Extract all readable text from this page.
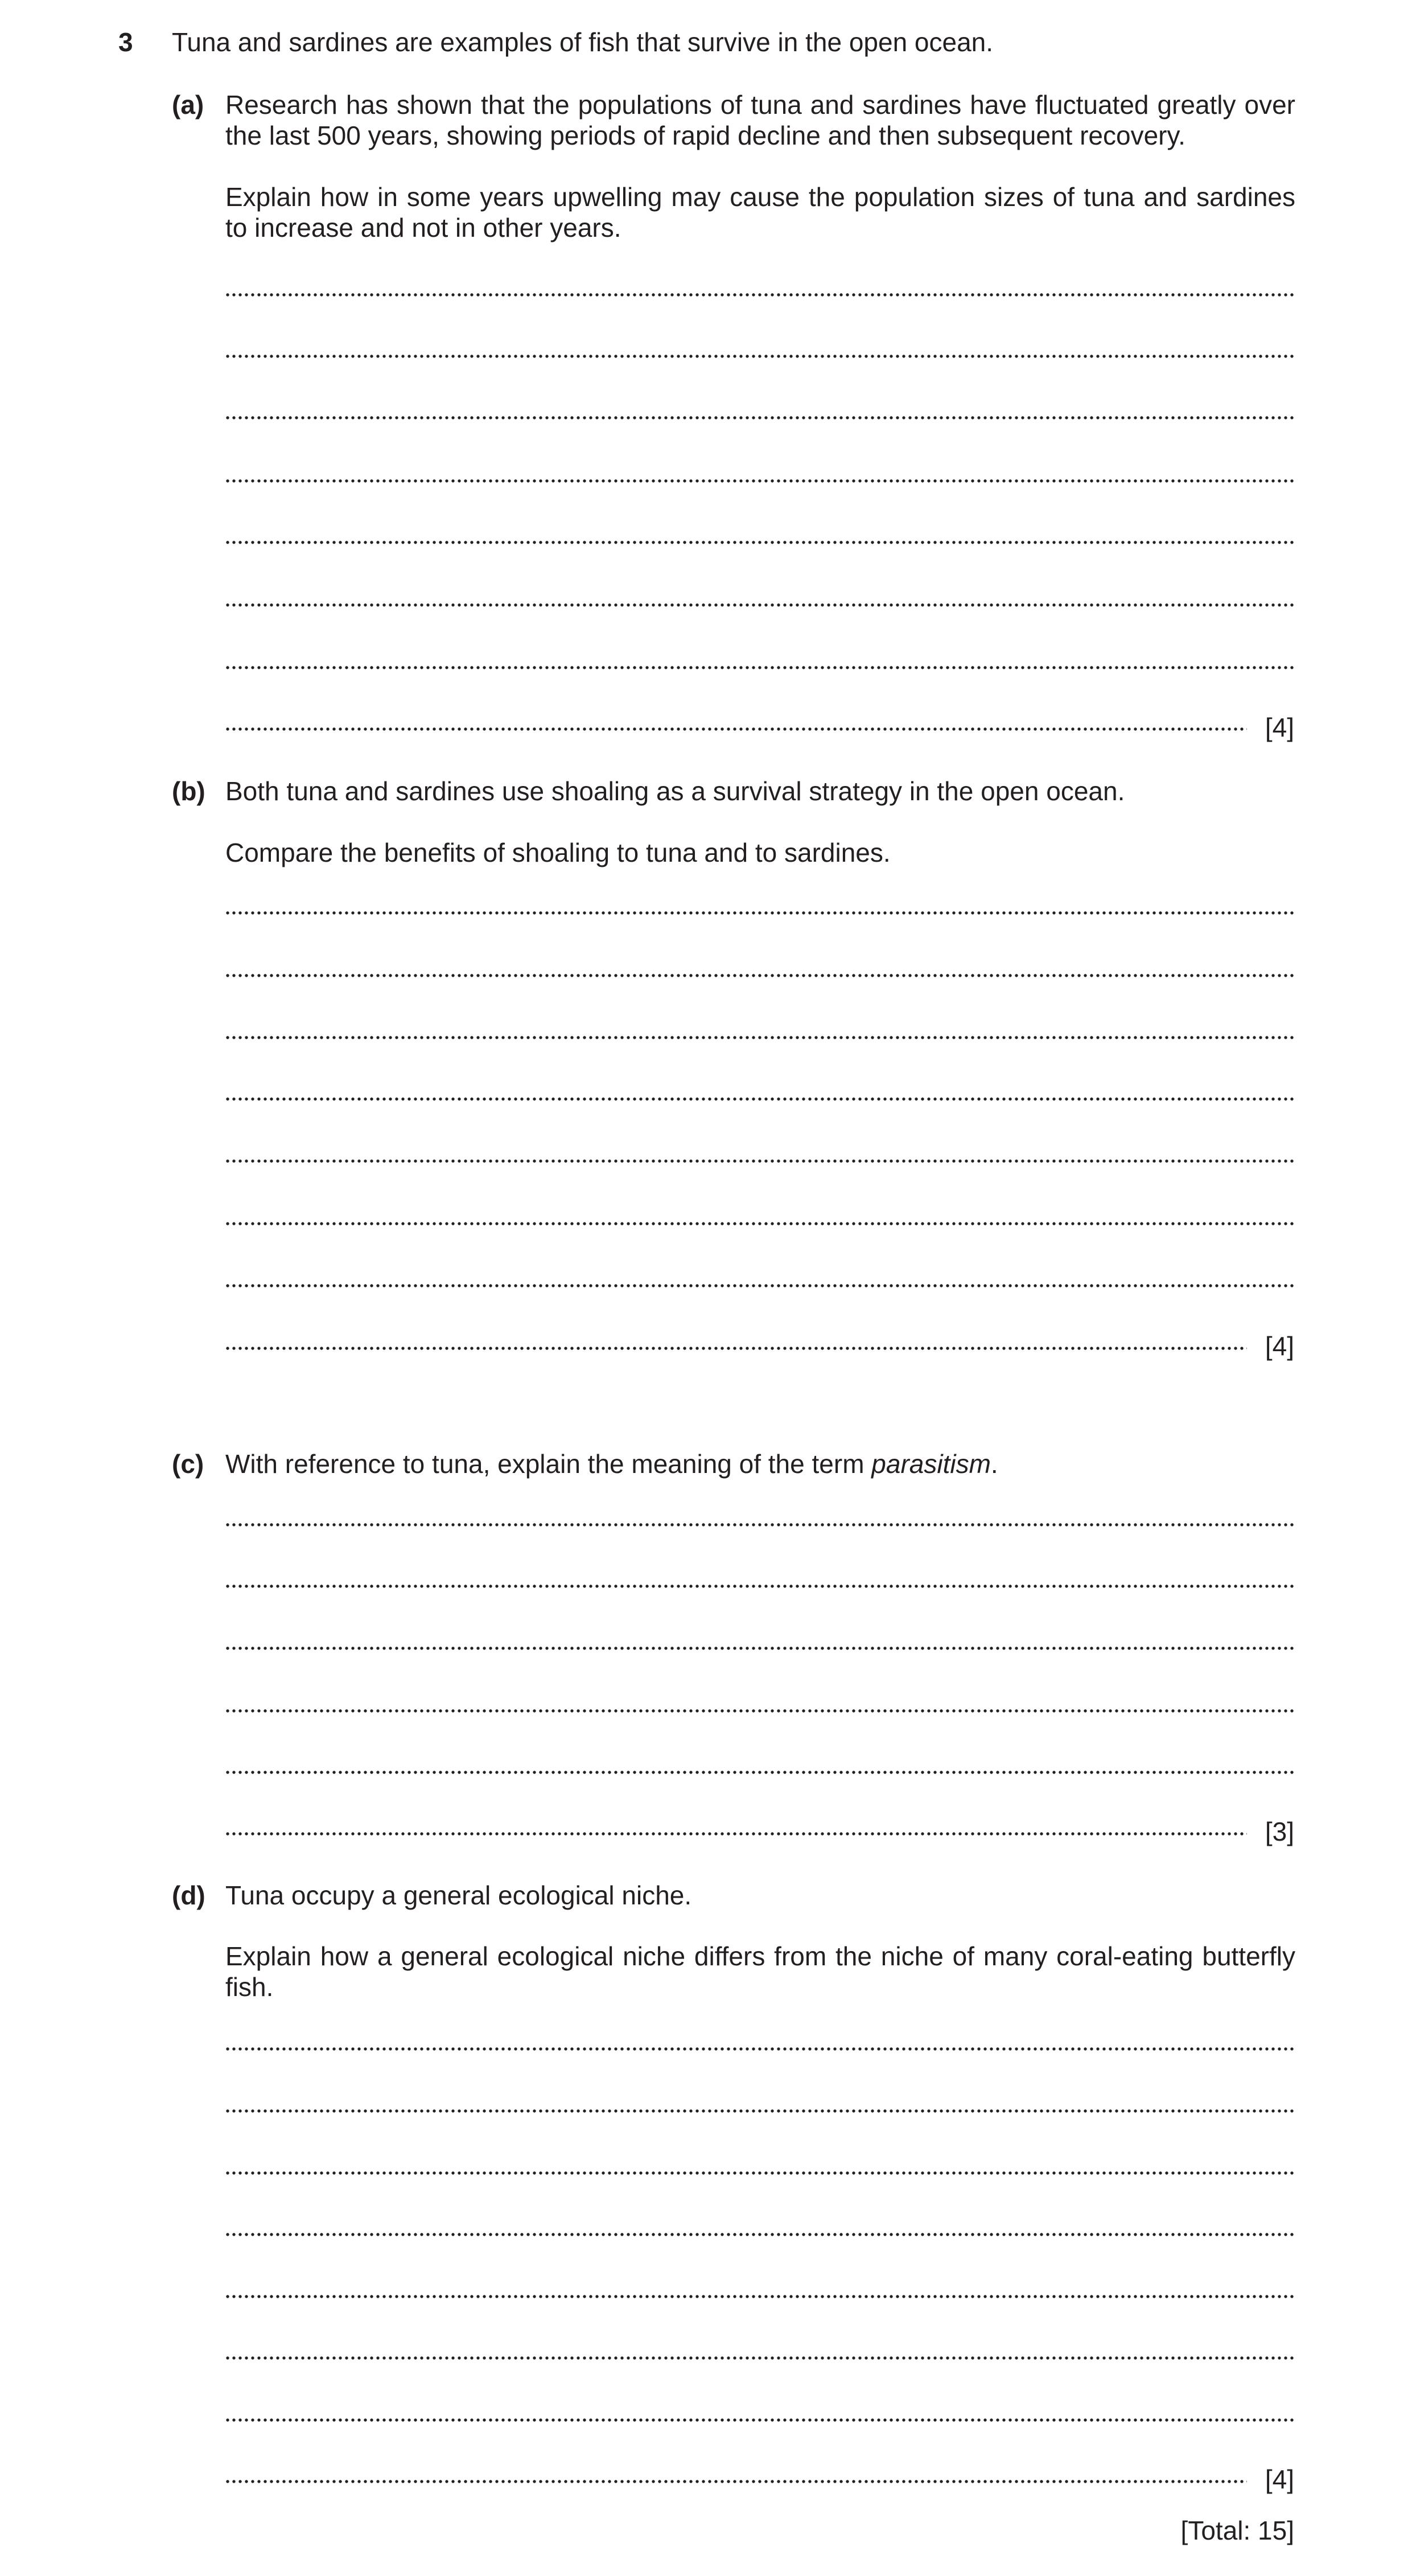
3 Tuna and sardines are examples of fish that survive in the open ocean.
(a) Research has shown that the populations of tuna and sardines have fluctuated greatly over the last 500 years, showing periods of rapid decline and then subsequent recovery.
Explain how in some years upwelling may cause the population sizes of tuna and sardines to increase and not in other years.
[4]
(b) Both tuna and sardines use shoaling as a survival strategy in the open ocean.
Compare the benefits of shoaling to tuna and to sardines.
[4]
(c) With reference to tuna, explain the meaning of the term parasitism.
[3]
(d) Tuna occupy a general ecological niche.
Explain how a general ecological niche differs from the niche of many coral-eating butterfly fish.
[4]
[Total: 15]
